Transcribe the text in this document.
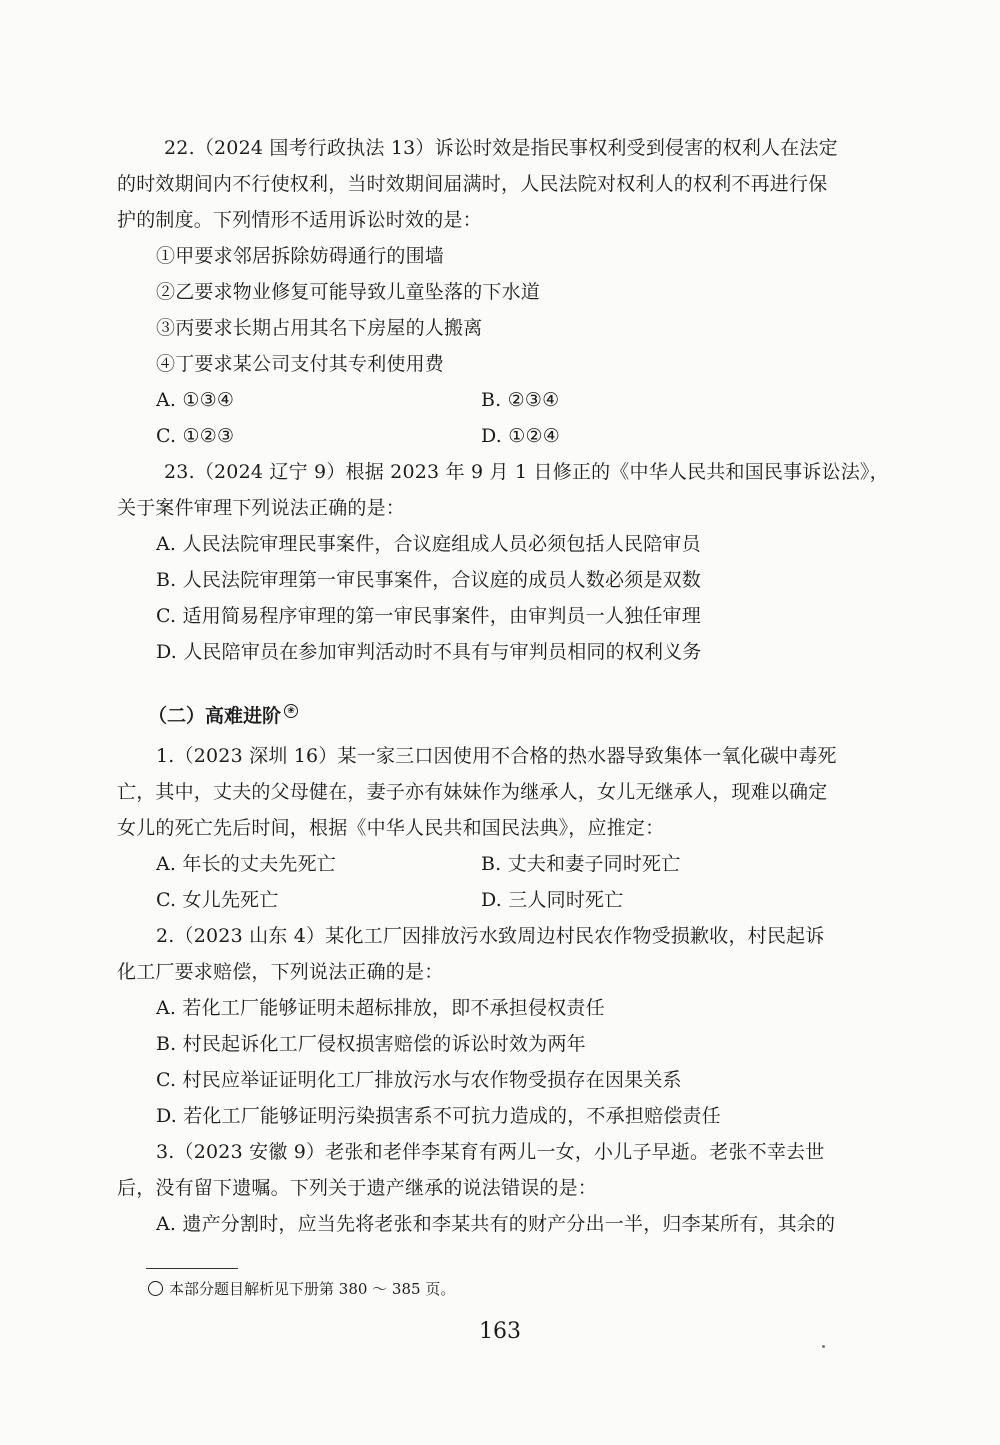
22.（2024 国考行政执法 13）诉讼时效是指民事权利受到侵害的权利人在法定
的时效期间内不行使权利，当时效期间届满时，人民法院对权利人的权利不再进行保
护的制度。下列情形不适用诉讼时效的是：
①甲要求邻居拆除妨碍通行的围墙
②乙要求物业修复可能导致儿童坠落的下水道
③丙要求长期占用其名下房屋的人搬离
④丁要求某公司支付其专利使用费
A. ①③④	B. ②③④
C. ①②③	D. ①②④
23.（2024 辽宁 9）根据 2023 年 9 月 1 日修正的《中华人民共和国民事诉讼法》，
关于案件审理下列说法正确的是：
A. 人民法院审理民事案件，合议庭组成人员必须包括人民陪审员
B. 人民法院审理第一审民事案件，合议庭的成员人数必须是双数
C. 适用简易程序审理的第一审民事案件，由审判员一人独任审理
D. 人民陪审员在参加审判活动时不具有与审判员相同的权利义务
（二）高难进阶 ❀
1.（2023 深圳 16）某一家三口因使用不合格的热水器导致集体一氧化碳中毒死
亡，其中，丈夫的父母健在，妻子亦有妹妹作为继承人，女儿无继承人，现难以确定
女儿的死亡先后时间，根据《中华人民共和国民法典》，应推定：
A. 年长的丈夫先死亡	B. 丈夫和妻子同时死亡
C. 女儿先死亡	D. 三人同时死亡
2.（2023 山东 4）某化工厂因排放污水致周边村民农作物受损歉收，村民起诉
化工厂要求赔偿，下列说法正确的是：
A. 若化工厂能够证明未超标排放，即不承担侵权责任
B. 村民起诉化工厂侵权损害赔偿的诉讼时效为两年
C. 村民应举证证明化工厂排放污水与农作物受损存在因果关系
D. 若化工厂能够证明污染损害系不可抗力造成的，不承担赔偿责任
3.（2023 安徽 9）老张和老伴李某育有两儿一女，小儿子早逝。老张不幸去世
后，没有留下遗嘱。下列关于遗产继承的说法错误的是：
A. 遗产分割时，应当先将老张和李某共有的财产分出一半，归李某所有，其余的
本部分题目解析见下册第 380 ～ 385 页。
163
